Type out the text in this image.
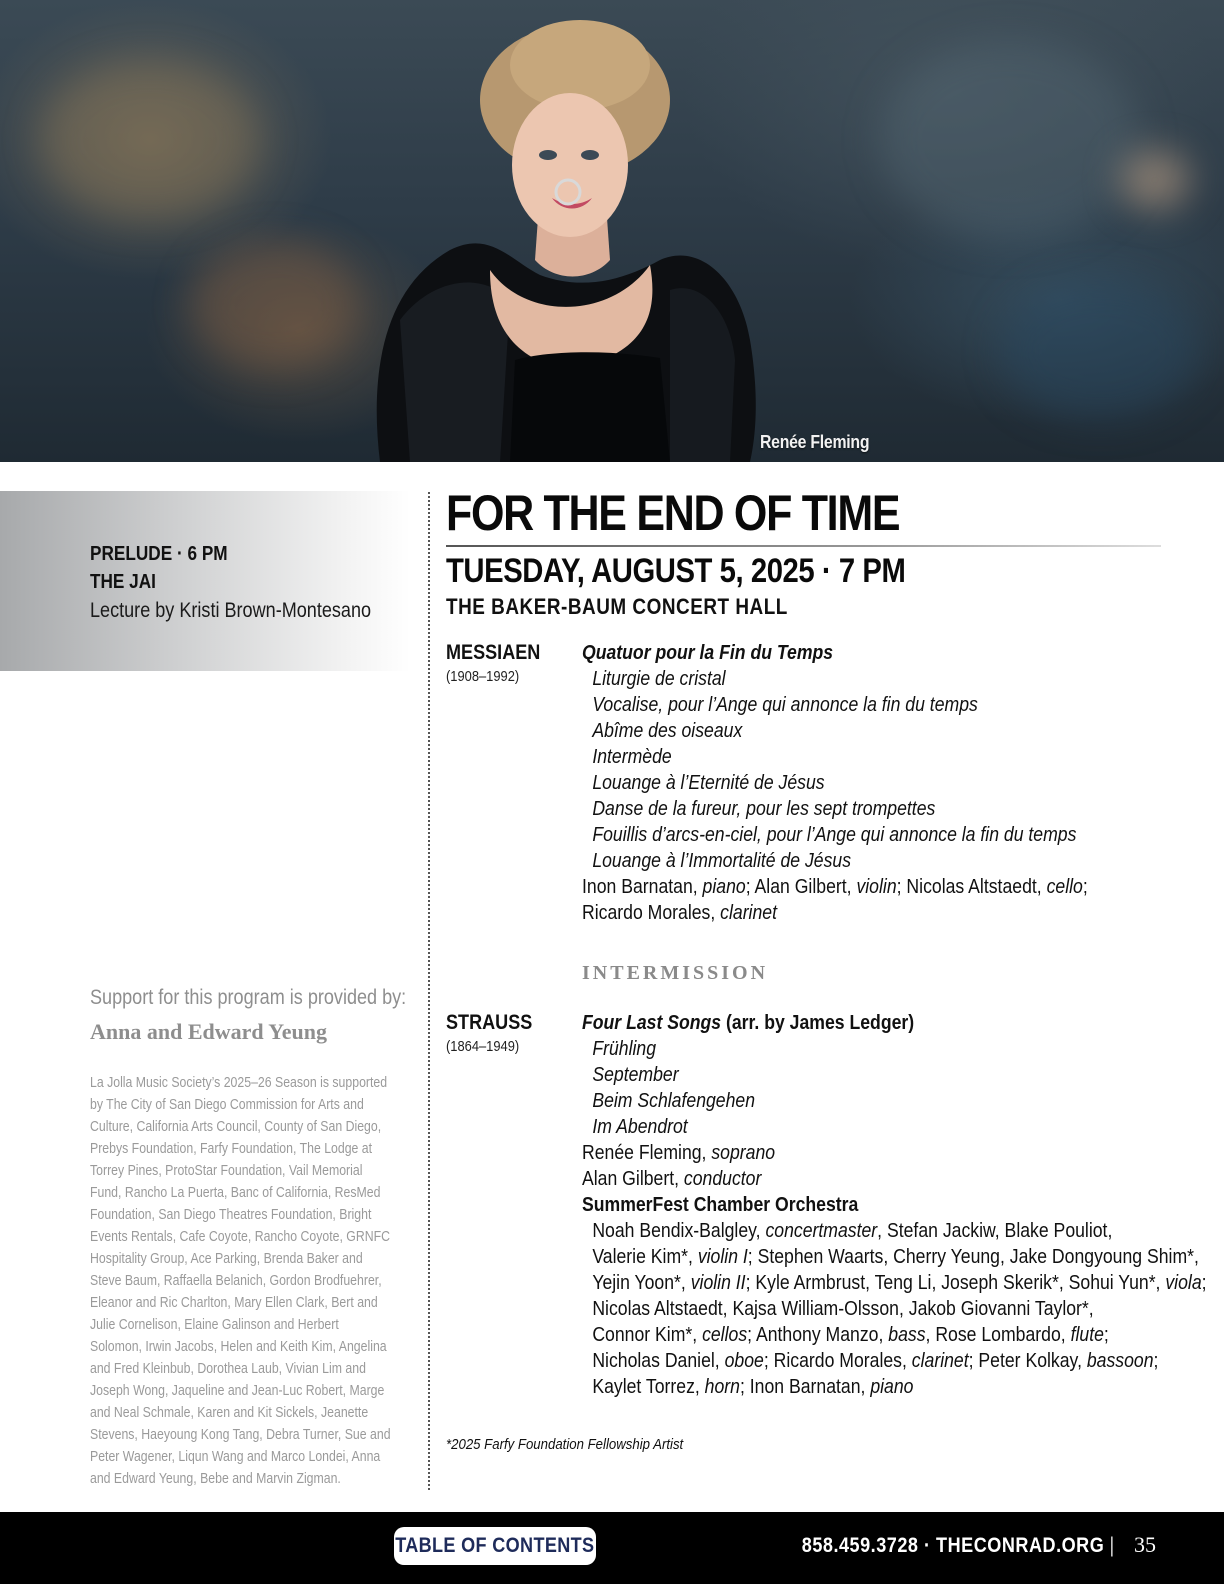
Renée Fleming
PRELUDE · 6 PM
THE JAI
Lecture by Kristi Brown-Montesano
Support for this program is provided by:
Anna and Edward Yeung
La Jolla Music Society’s 2025–26 Season is supported by The City of San Diego Commission for Arts and Culture, California Arts Council, County of San Diego, Prebys Foundation, Farfy Foundation, The Lodge at Torrey Pines, ProtoStar Foundation, Vail Memorial Fund, Rancho La Puerta, Banc of California, ResMed Foundation, San Diego Theatres Foundation, Bright Events Rentals, Cafe Coyote, Rancho Coyote, GRNFC Hospitality Group, Ace Parking, Brenda Baker and Steve Baum, Raffaella Belanich, Gordon Brodfuehrer, Eleanor and Ric Charlton, Mary Ellen Clark, Bert and Julie Cornelison, Elaine Galinson and Herbert Solomon, Irwin Jacobs, Helen and Keith Kim, Angelina and Fred Kleinbub, Dorothea Laub, Vivian Lim and Joseph Wong, Jaqueline and Jean-Luc Robert, Marge and Neal Schmale, Karen and Kit Sickels, Jeanette Stevens, Haeyoung Kong Tang, Debra Turner, Sue and Peter Wagener, Liqun Wang and Marco Londei, Anna and Edward Yeung, Bebe and Marvin Zigman.
FOR THE END OF TIME
TUESDAY, AUGUST 5, 2025 · 7 PM
THE BAKER-BAUM CONCERT HALL
MESSIAEN
(1908–1992)
Quatuor pour la Fin du Temps
Liturgie de cristal
Vocalise, pour l’Ange qui annonce la fin du temps
Abîme des oiseaux
Intermède
Louange à l’Eternité de Jésus
Danse de la fureur, pour les sept trompettes
Fouillis d’arcs-en-ciel, pour l’Ange qui annonce la fin du temps
Louange à l’Immortalité de Jésus
Inon Barnatan, piano; Alan Gilbert, violin; Nicolas Altstaedt, cello;
Ricardo Morales, clarinet
INTERMISSION
STRAUSS
(1864–1949)
Four Last Songs (arr. by James Ledger)
Frühling
September
Beim Schlafengehen
Im Abendrot
Renée Fleming, soprano
Alan Gilbert, conductor
SummerFest Chamber Orchestra
Noah Bendix-Balgley, concertmaster, Stefan Jackiw, Blake Pouliot,
Valerie Kim*, violin I; Stephen Waarts, Cherry Yeung, Jake Dongyoung Shim*,
Yejin Yoon*, violin II; Kyle Armbrust, Teng Li, Joseph Skerik*, Sohui Yun*, viola;
Nicolas Altstaedt, Kajsa William-Olsson, Jakob Giovanni Taylor*,
Connor Kim*, cellos; Anthony Manzo, bass, Rose Lombardo, flute;
Nicholas Daniel, oboe; Ricardo Morales, clarinet; Peter Kolkay, bassoon;
Kaylet Torrez, horn; Inon Barnatan, piano
*2025 Farfy Foundation Fellowship Artist
TABLE OF CONTENTS	858.459.3728 · THECONRAD.ORG | 35
